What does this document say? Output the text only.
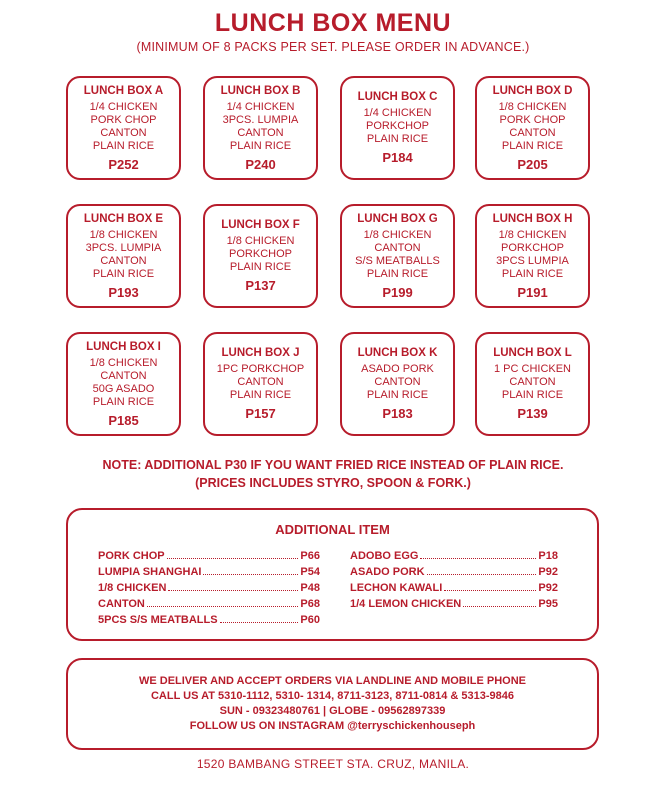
LUNCH BOX MENU
(MINIMUM OF 8 PACKS PER SET. PLEASE ORDER IN ADVANCE.)
LUNCH BOX A
1/4 CHICKEN
PORK CHOP
CANTON
PLAIN RICE
P252
LUNCH BOX B
1/4 CHICKEN
3PCS. LUMPIA
CANTON
PLAIN RICE
P240
LUNCH BOX C
1/4 CHICKEN
PORKCHOP
PLAIN RICE
P184
LUNCH BOX D
1/8 CHICKEN
PORK CHOP
CANTON
PLAIN RICE
P205
LUNCH BOX E
1/8 CHICKEN
3PCS. LUMPIA
CANTON
PLAIN RICE
P193
LUNCH BOX F
1/8 CHICKEN
PORKCHOP
PLAIN RICE
P137
LUNCH BOX G
1/8 CHICKEN
CANTON
S/S MEATBALLS
PLAIN RICE
P199
LUNCH BOX H
1/8 CHICKEN
PORKCHOP
3PCS LUMPIA
PLAIN RICE
P191
LUNCH BOX I
1/8 CHICKEN
CANTON
50G ASADO
PLAIN RICE
P185
LUNCH BOX J
1PC PORKCHOP
CANTON
PLAIN RICE
P157
LUNCH BOX K
ASADO PORK
CANTON
PLAIN RICE
P183
LUNCH BOX L
1 PC CHICKEN
CANTON
PLAIN RICE
P139
NOTE: ADDITIONAL P30 IF YOU WANT FRIED RICE INSTEAD OF PLAIN RICE.
(PRICES INCLUDES STYRO, SPOON & FORK.)
ADDITIONAL ITEM
PORK CHOP	P66
LUMPIA SHANGHAI	P54
1/8 CHICKEN	P48
CANTON	P68
5PCS S/S MEATBALLS	P60
ADOBO EGG	P18
ASADO PORK	P92
LECHON KAWALI	P92
1/4 LEMON CHICKEN	P95
WE DELIVER AND ACCEPT ORDERS VIA LANDLINE AND MOBILE PHONE
CALL US AT 5310-1112, 5310- 1314, 8711-3123, 8711-0814 & 5313-9846
SUN - 09323480761 | GLOBE - 09562897339
FOLLOW US ON INSTAGRAM @terryschickenhouseph
1520 BAMBANG STREET STA. CRUZ, MANILA.
